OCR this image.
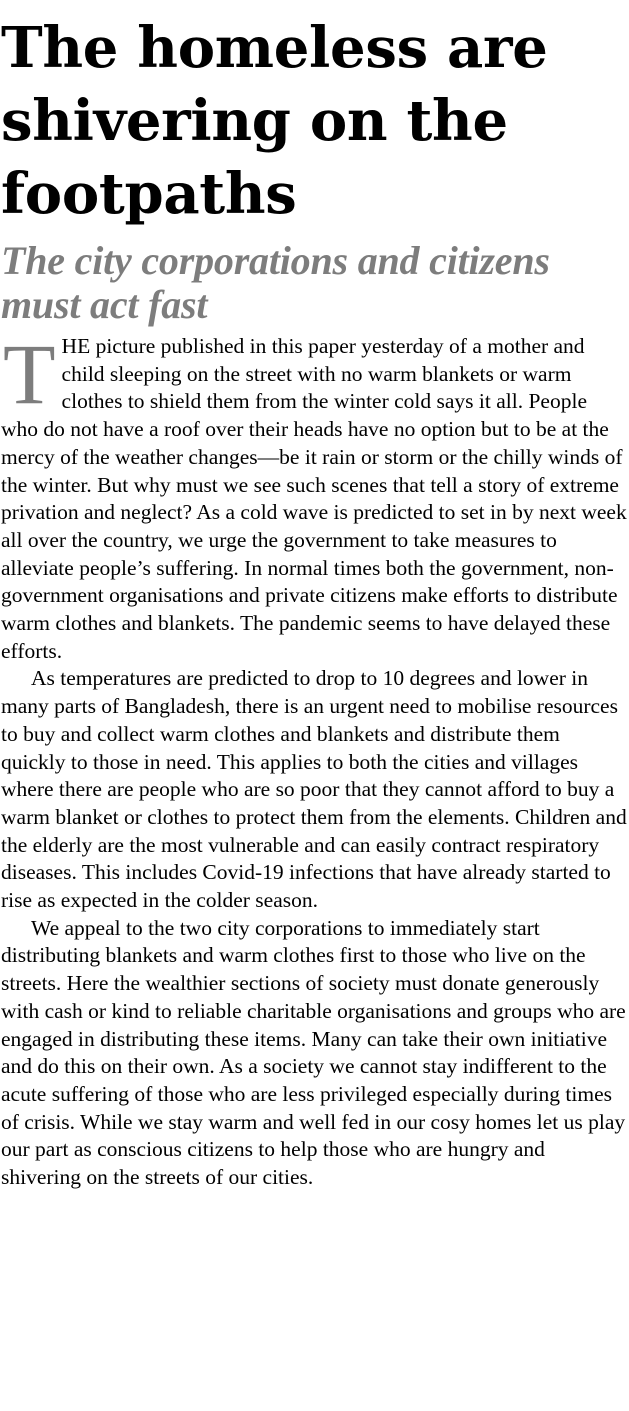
The homeless are shivering on the footpaths
The city corporations and citizens must act fast

THE picture published in this paper yesterday of a mother and child sleeping on the street with no warm blankets or warm clothes to shield them from the winter cold says it all. People who do not have a roof over their heads have no option but to be at the mercy of the weather changes—be it rain or storm or the chilly winds of the winter. But why must we see such scenes that tell a story of extreme privation and neglect? As a cold wave is predicted to set in by next week all over the country, we urge the government to take measures to alleviate people’s suffering. In normal times both the government, non-government organisations and private citizens make efforts to distribute warm clothes and blankets. The pandemic seems to have delayed these efforts.

As temperatures are predicted to drop to 10 degrees and lower in many parts of Bangladesh, there is an urgent need to mobilise resources to buy and collect warm clothes and blankets and distribute them quickly to those in need. This applies to both the cities and villages where there are people who are so poor that they cannot afford to buy a warm blanket or clothes to protect them from the elements. Children and the elderly are the most vulnerable and can easily contract respiratory diseases. This includes Covid-19 infections that have already started to rise as expected in the colder season.

We appeal to the two city corporations to immediately start distributing blankets and warm clothes first to those who live on the streets. Here the wealthier sections of society must donate generously with cash or kind to reliable charitable organisations and groups who are engaged in distributing these items. Many can take their own initiative and do this on their own. As a society we cannot stay indifferent to the acute suffering of those who are less privileged especially during times of crisis. While we stay warm and well fed in our cosy homes let us play our part as conscious citizens to help those who are hungry and shivering on the streets of our cities.
